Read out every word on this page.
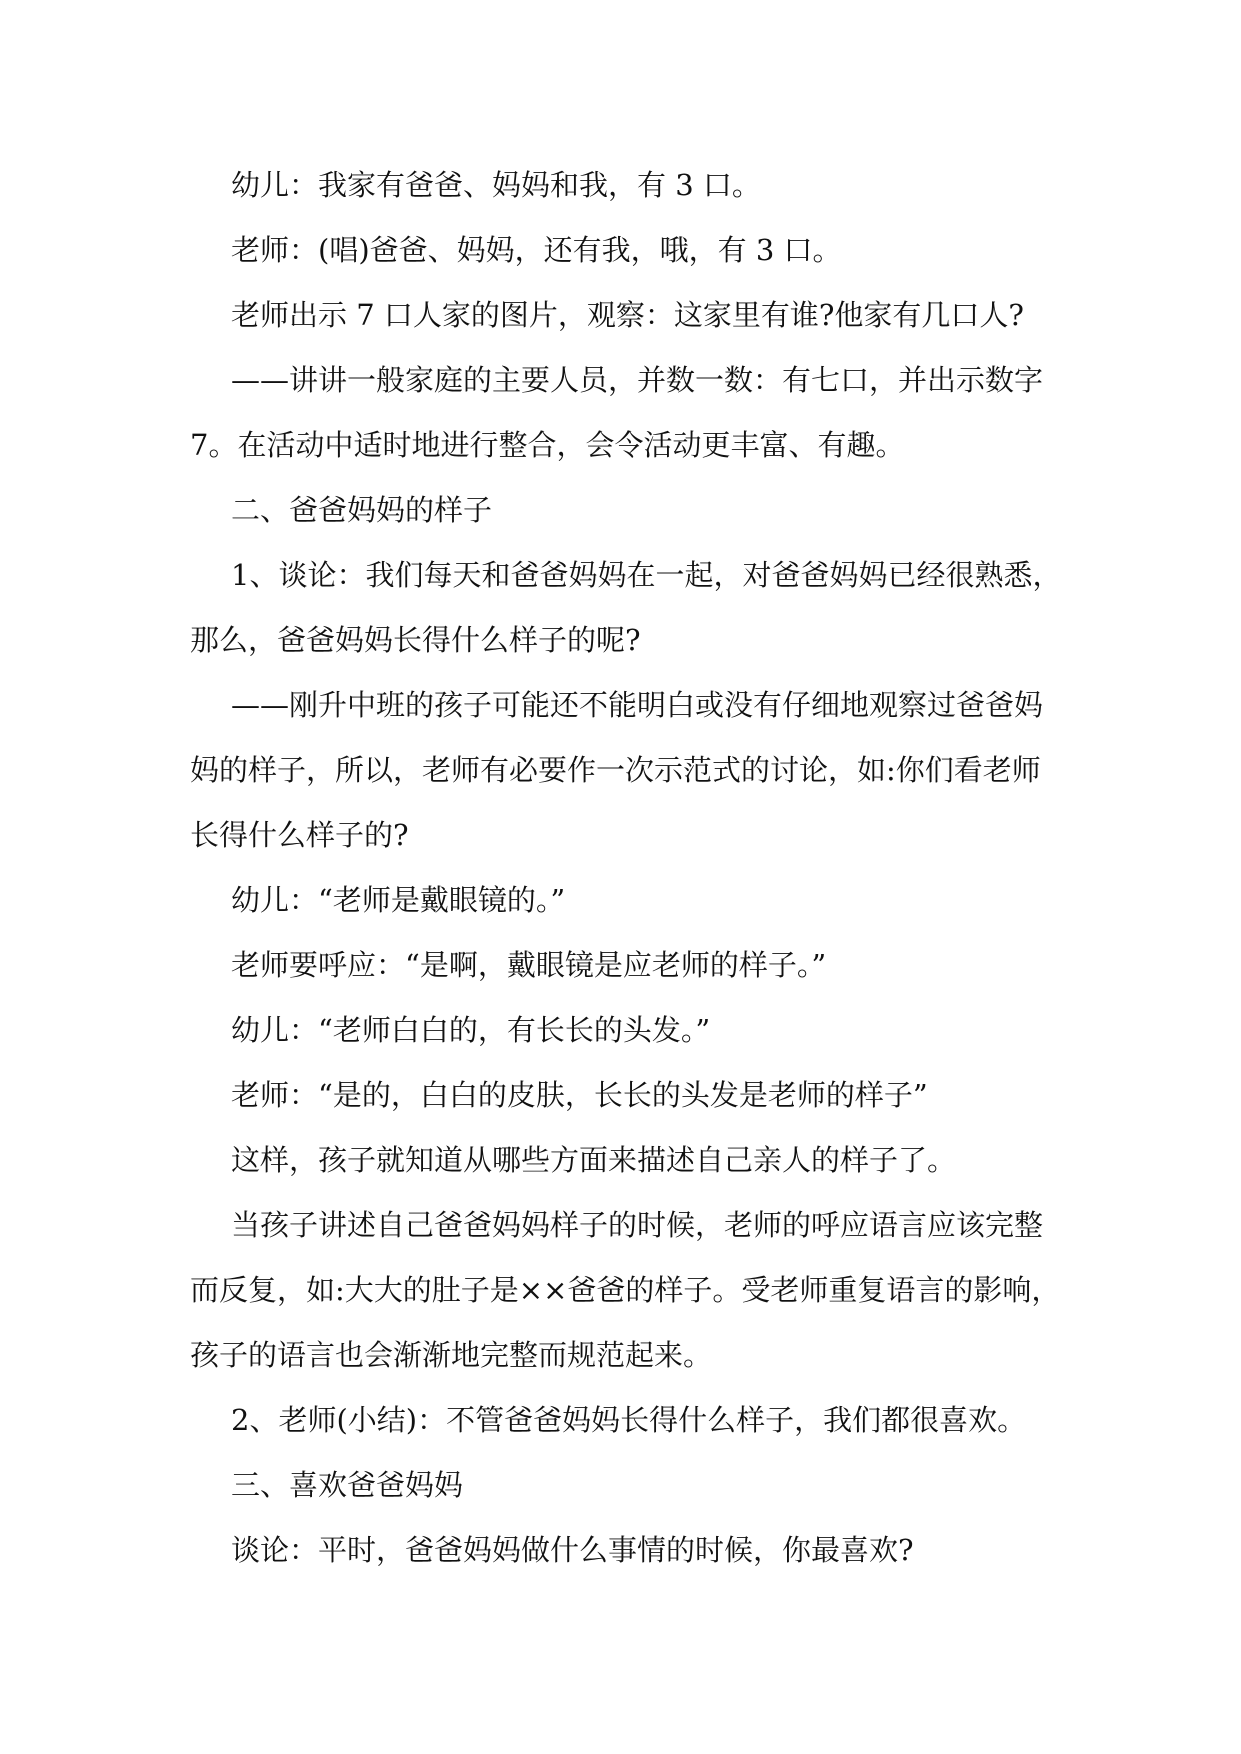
幼儿：我家有爸爸、妈妈和我，有 3 口。

老师：(唱)爸爸、妈妈，还有我，哦，有 3 口。

老师出示 7 口人家的图片，观察：这家里有谁?他家有几口人?

——讲讲一般家庭的主要人员，并数一数：有七口，并出示数字

7。在活动中适时地进行整合，会令活动更丰富、有趣。

二、爸爸妈妈的样子

1、谈论：我们每天和爸爸妈妈在一起，对爸爸妈妈已经很熟悉，

那么，爸爸妈妈长得什么样子的呢?

——刚升中班的孩子可能还不能明白或没有仔细地观察过爸爸妈

妈的样子，所以，老师有必要作一次示范式的讨论，如:你们看老师

长得什么样子的?

幼儿：“老师是戴眼镜的。”

老师要呼应：“是啊，戴眼镜是应老师的样子。”

幼儿：“老师白白的，有长长的头发。”

老师：“是的，白白的皮肤，长长的头发是老师的样子”

这样，孩子就知道从哪些方面来描述自己亲人的样子了。

当孩子讲述自己爸爸妈妈样子的时候，老师的呼应语言应该完整

而反复，如:大大的肚子是××爸爸的样子。受老师重复语言的影响，

孩子的语言也会渐渐地完整而规范起来。

2、老师(小结)：不管爸爸妈妈长得什么样子，我们都很喜欢。

三、喜欢爸爸妈妈

谈论：平时，爸爸妈妈做什么事情的时候，你最喜欢?
